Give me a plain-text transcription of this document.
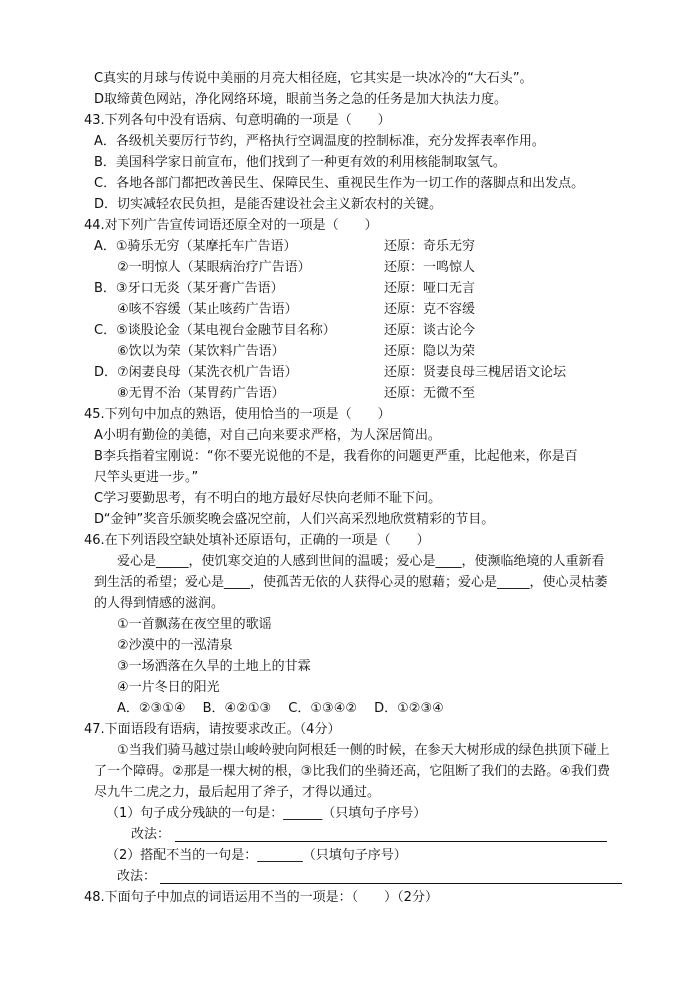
C真实的月球与传说中美丽的月亮大相径庭，它其实是一块冰冷的“大石头”。
D取缔黄色网站，净化网络环境，眼前当务之急的任务是加大执法力度。
43.下列各句中没有语病、句意明确的一项是（　　）
A．各级机关要厉行节约，严格执行空调温度的控制标准，充分发挥表率作用。
B．美国科学家日前宣布，他们找到了一种更有效的利用核能制取氢气。
C．各地各部门都把改善民生、保障民生、重视民生作为一切工作的落脚点和出发点。
D．切实减轻农民负担，是能否建设社会主义新农村的关键。
44.对下列广告宣传词语还原全对的一项是（　　）
A．①骑乐无穷（某摩托车广告语）	还原：奇乐无穷
②一明惊人（某眼病治疗广告语）	还原：一鸣惊人
B．③牙口无炎（某牙膏广告语）	还原：哑口无言
④咳不容缓（某止咳药广告语）	还原：克不容缓
C．⑤谈股论金（某电视台金融节目名称）	还原：谈古论今
⑥饮以为荣（某饮料广告语）	还原：隐以为荣
D．⑦闲妻良母（某洗衣机广告语）	还原：贤妻良母三槐居语文论坛
⑧无胃不治（某胃药广告语）	还原：无微不至
45.下列句中加点的熟语，使用恰当的一项是（　　）
A小明有勤俭的美德，对自己向来要求严格，为人深居简出。
B李兵指着宝刚说：“你不要光说他的不是，我看你的问题更严重，比起他来，你是百
尺竿头更进一步。”
C学习要勤思考，有不明白的地方最好尽快向老师不耻下问。
D“金钟”奖音乐颁奖晚会盛况空前，人们兴高采烈地欣赏精彩的节目。
46.在下列语段空缺处填补还原语句，正确的一项是（　　）
爱心是_____，使饥寒交迫的人感到世间的温暖；爱心是____，使濒临绝境的人重新看
到生活的希望；爱心是____，使孤苦无依的人获得心灵的慰藉；爱心是_____，使心灵枯萎
的人得到情感的滋润。
①一首飘荡在夜空里的歌谣
②沙漠中的一泓清泉
③一场洒落在久旱的土地上的甘霖
④一片冬日的阳光
A．②③①④　 B．④②①③　 C．①③④②　 D．①②③④
47.下面语段有语病，请按要求改正。（4分）
①当我们骑马越过崇山峻岭驶向阿根廷一侧的时候，在参天大树形成的绿色拱顶下碰上
了一个障碍。②那是一棵大树的根，③比我们的坐骑还高，它阻断了我们的去路。④我们费
尽九牛二虎之力，最后起用了斧子，才得以通过。
（1）句子成分残缺的一句是：______（只填句子序号）
改法：
（2）搭配不当的一句是：_______（只填句子序号）
改法：
48.下面句子中加点的词语运用不当的一项是：（　　）（2分）
